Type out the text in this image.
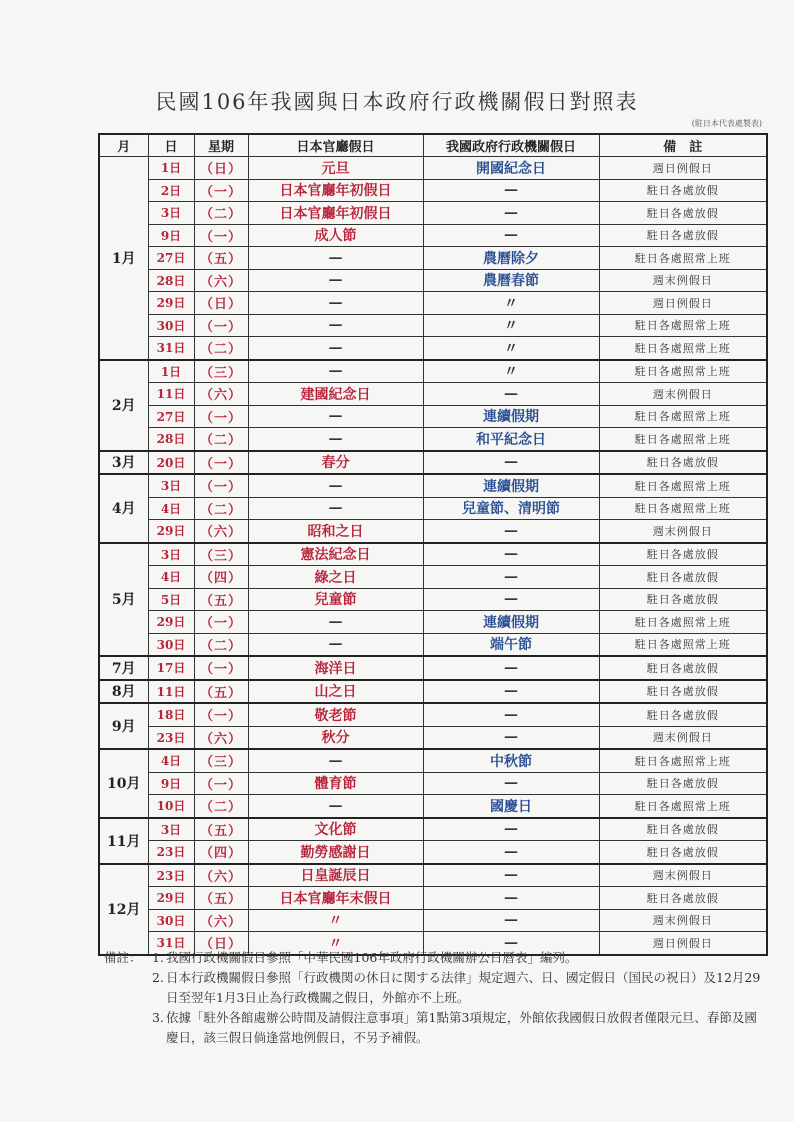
民國106年我國與日本政府行政機關假日對照表
(駐日本代表處製表)
月	日	星期	日本官廳假日	我國政府行政機關假日	備　註
1月	1日	（日）	元旦	開國紀念日	週日例假日
	2日	（一）	日本官廳年初假日	—	駐日各處放假
	3日	（二）	日本官廳年初假日	—	駐日各處放假
	9日	（一）	成人節	—	駐日各處放假
	27日	（五）	—	農曆除夕	駐日各處照常上班
	28日	（六）	—	農曆春節	週末例假日
	29日	（日）	—	〃	週日例假日
	30日	（一）	—	〃	駐日各處照常上班
	31日	（二）	—	〃	駐日各處照常上班
2月	1日	（三）	—	〃	駐日各處照常上班
	11日	（六）	建國紀念日	—	週末例假日
	27日	（一）	—	連續假期	駐日各處照常上班
	28日	（二）	—	和平紀念日	駐日各處照常上班
3月	20日	（一）	春分	—	駐日各處放假
4月	3日	（一）	—	連續假期	駐日各處照常上班
	4日	（二）	—	兒童節、清明節	駐日各處照常上班
	29日	（六）	昭和之日	—	週末例假日
5月	3日	（三）	憲法紀念日	—	駐日各處放假
	4日	（四）	綠之日	—	駐日各處放假
	5日	（五）	兒童節	—	駐日各處放假
	29日	（一）	—	連續假期	駐日各處照常上班
	30日	（二）	—	端午節	駐日各處照常上班
7月	17日	（一）	海洋日	—	駐日各處放假
8月	11日	（五）	山之日	—	駐日各處放假
9月	18日	（一）	敬老節	—	駐日各處放假
	23日	（六）	秋分	—	週末例假日
10月	4日	（三）	—	中秋節	駐日各處照常上班
	9日	（一）	體育節	—	駐日各處放假
	10日	（二）	—	國慶日	駐日各處照常上班
11月	3日	（五）	文化節	—	駐日各處放假
	23日	（四）	勤勞感謝日	—	駐日各處放假
12月	23日	（六）	日皇誕辰日	—	週末例假日
	29日	（五）	日本官廳年末假日	—	駐日各處放假
	30日	（六）	〃	—	週末例假日
	31日	（日）	〃	—	週日例假日
備註： 1. 我國行政機關假日參照「中華民國106年政府行政機關辦公日曆表」編列。
2. 日本行政機關假日參照「行政機関の休日に関する法律」規定週六、日、國定假日（国民の祝日）及12月29日至翌年1月3日止為行政機關之假日，外館亦不上班。
3. 依據「駐外各館處辦公時間及請假注意事項」第1點第3項規定，外館依我國假日放假者僅限元旦、春節及國慶日，該三假日倘逢當地例假日，不另予補假。
